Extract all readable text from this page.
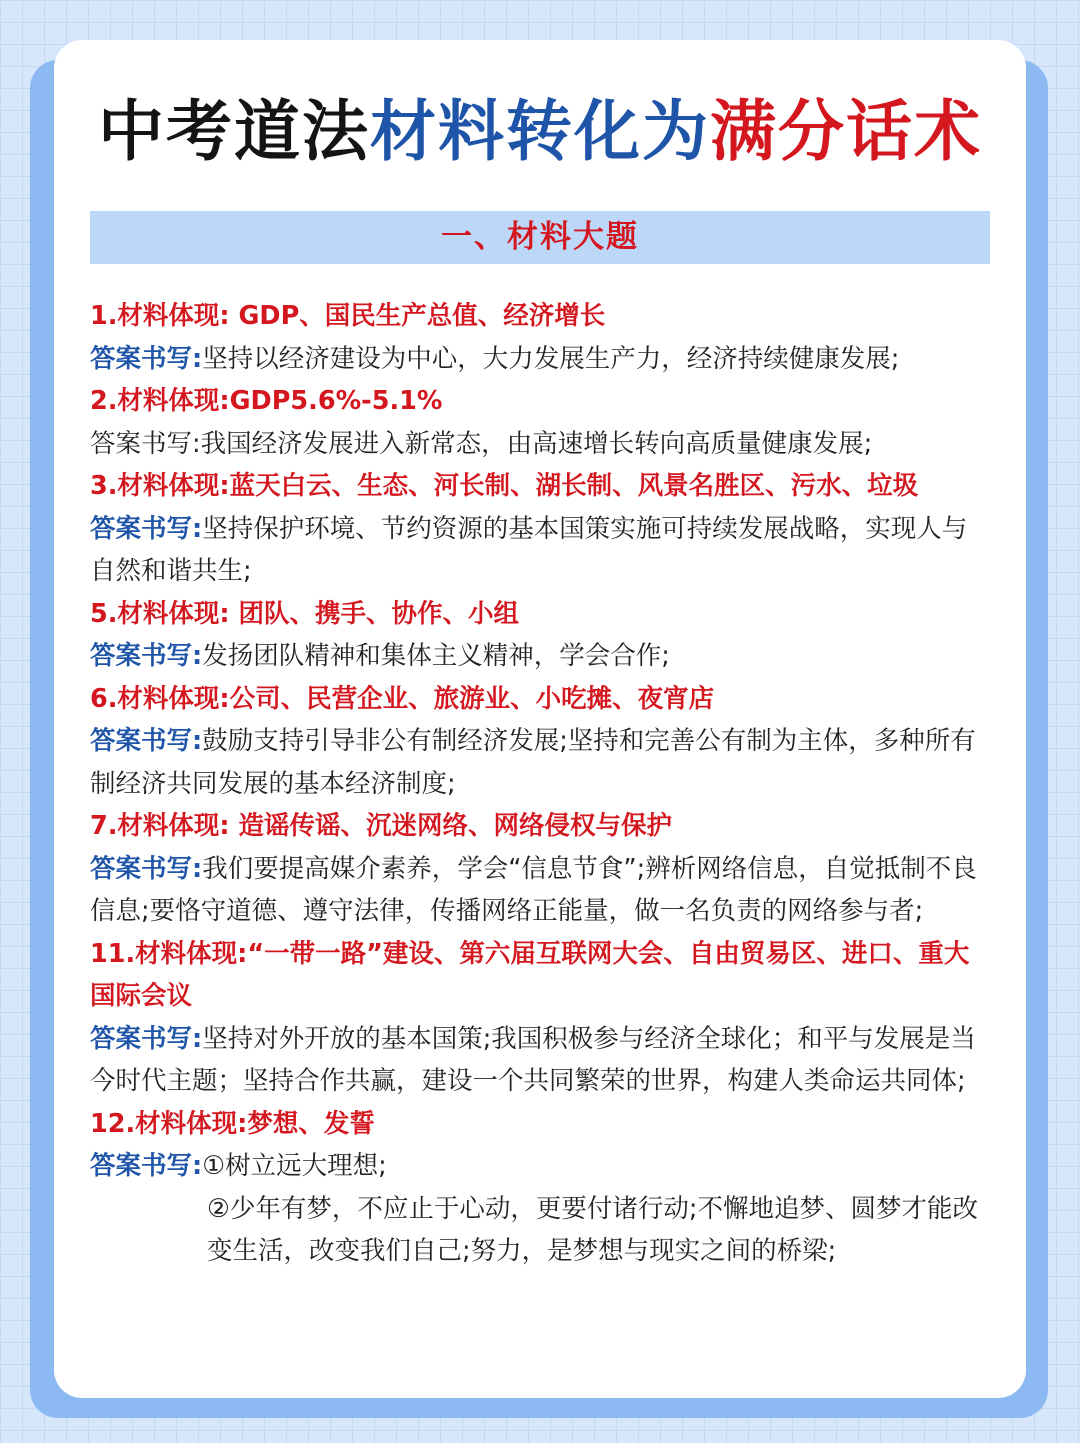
中考道法材料转化为满分话术
一、材料大题
1.材料体现: GDP、国民生产总值、经济增长
答案书写:坚持以经济建设为中心，大力发展生产力，经济持续健康发展;
2.材料体现:GDP5.6%-5.1%
答案书写:我国经济发展进入新常态，由高速增长转向高质量健康发展;
3.材料体现:蓝天白云、生态、河长制、湖长制、风景名胜区、污水、垃圾
答案书写:坚持保护环境、节约资源的基本国策实施可持续发展战略，实现人与自然和谐共生;
5.材料体现: 团队、携手、协作、小组
答案书写:发扬团队精神和集体主义精神，学会合作;
6.材料体现:公司、民营企业、旅游业、小吃摊、夜宵店
答案书写:鼓励支持引导非公有制经济发展;坚持和完善公有制为主体，多种所有制经济共同发展的基本经济制度;
7.材料体现: 造谣传谣、沉迷网络、网络侵权与保护
答案书写:我们要提高媒介素养，学会“信息节食”;辨析网络信息，自觉抵制不良信息;要恪守道德、遵守法律，传播网络正能量，做一名负责的网络参与者;
11.材料体现:“一带一路”建设、第六届互联网大会、自由贸易区、进口、重大国际会议
答案书写:坚持对外开放的基本国策;我国积极参与经济全球化；和平与发展是当今时代主题；坚持合作共赢，建设一个共同繁荣的世界，构建人类命运共同体;
12.材料体现:梦想、发誓
答案书写:①树立远大理想;
②少年有梦，不应止于心动，更要付诸行动;不懈地追梦、圆梦才能改变生活，改变我们自己;努力，是梦想与现实之间的桥梁;
